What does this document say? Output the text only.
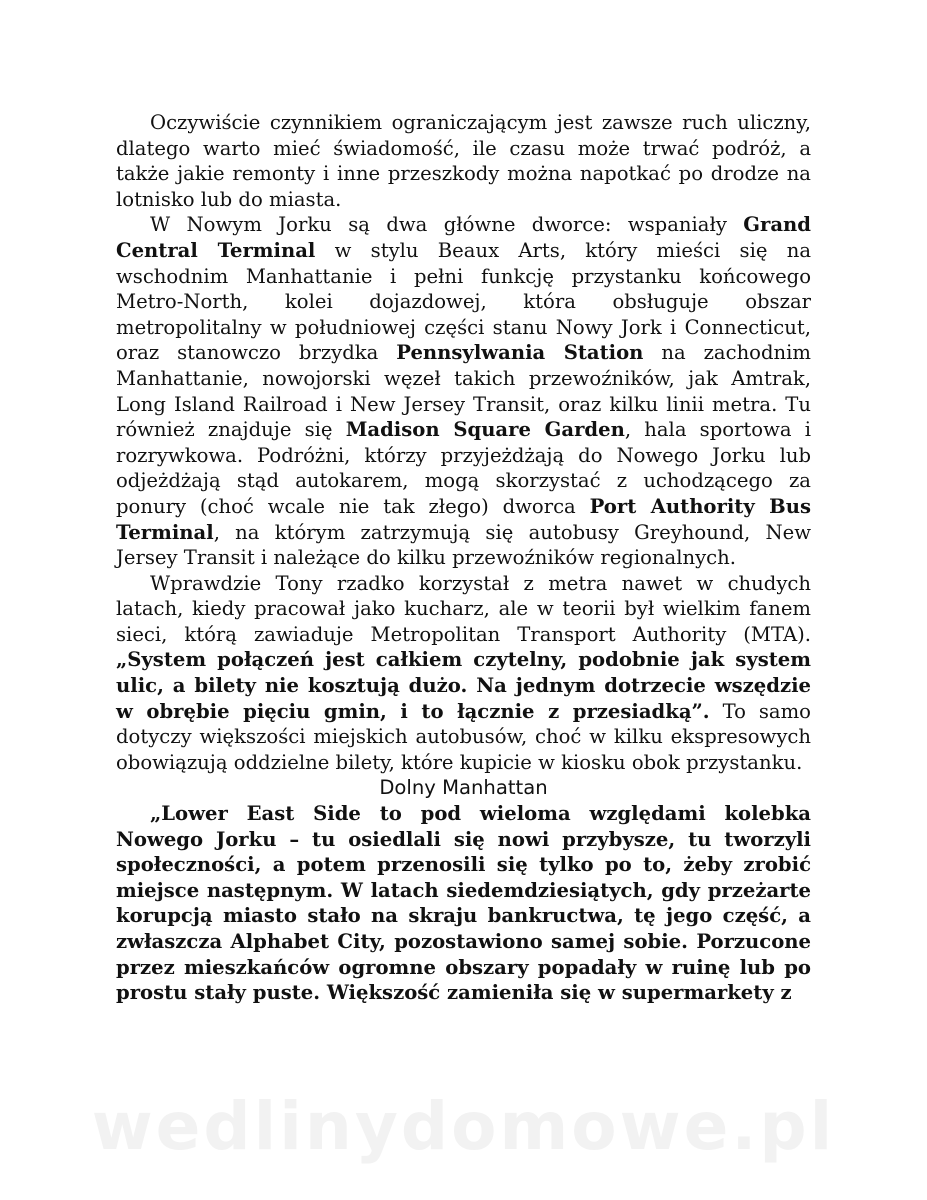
Oczywiście czynnikiem ograniczającym jest zawsze ruch uliczny, dlatego warto mieć świadomość, ile czasu może trwać podróż, a także jakie remonty i inne przeszkody można napotkać po drodze na lotnisko lub do miasta.

W Nowym Jorku są dwa główne dworce: wspaniały Grand Central Terminal w stylu Beaux Arts, który mieści się na wschodnim Manhattanie i pełni funkcję przystanku końcowego Metro-North, kolei dojazdowej, która obsługuje obszar metropolitalny w południowej części stanu Nowy Jork i Connecticut, oraz stanowczo brzydka Pennsylwania Station na zachodnim Manhattanie, nowojorski węzeł takich przewoźników, jak Amtrak, Long Island Railroad i New Jersey Transit, oraz kilku linii metra. Tu również znajduje się Madison Square Garden, hala sportowa i rozrywkowa. Podróżni, którzy przyjeżdżają do Nowego Jorku lub odjeżdżają stąd autokarem, mogą skorzystać z uchodzącego za ponury (choć wcale nie tak złego) dworca Port Authority Bus Terminal, na którym zatrzymują się autobusy Greyhound, New Jersey Transit i należące do kilku przewoźników regionalnych.

Wprawdzie Tony rzadko korzystał z metra nawet w chudych latach, kiedy pracował jako kucharz, ale w teorii był wielkim fanem sieci, którą zawiaduje Metropolitan Transport Authority (MTA). „System połączeń jest całkiem czytelny, podobnie jak system ulic, a bilety nie kosztują dużo. Na jednym dotrzecie wszędzie w obrębie pięciu gmin, i to łącznie z przesiadką”. To samo dotyczy większości miejskich autobusów, choć w kilku ekspresowych obowiązują oddzielne bilety, które kupicie w kiosku obok przystanku.

Dolny Manhattan

„Lower East Side to pod wieloma względami kolebka Nowego Jorku – tu osiedlali się nowi przybysze, tu tworzyli społeczności, a potem przenosili się tylko po to, żeby zrobić miejsce następnym. W latach siedemdziesiątych, gdy przeżarte korupcją miasto stało na skraju bankructwa, tę jego część, a zwłaszcza Alphabet City, pozostawiono samej sobie. Porzucone przez mieszkańców ogromne obszary popadały w ruinę lub po prostu stały puste. Większość zamieniła się w supermarkety z

wedlinydomowe.pl
